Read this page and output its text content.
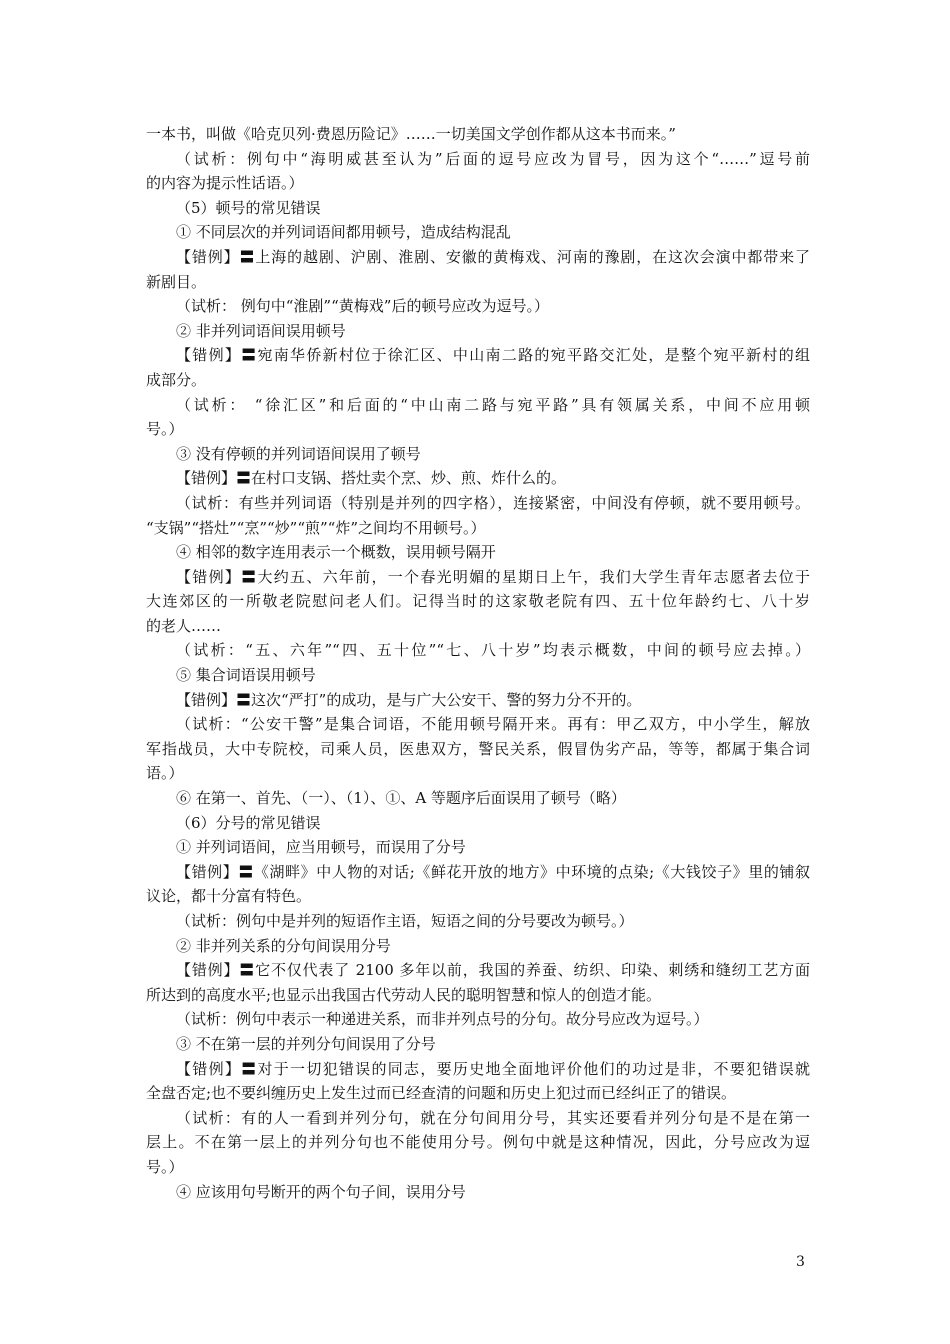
一本书，叫做《哈克贝列·费恩历险记》……一切美国文学创作都从这本书而来。”
（试析：例句中“海明威甚至认为”后面的逗号应改为冒号，因为这个“……”逗号前
的内容为提示性话语。）
（5）顿号的常见错误
① 不同层次的并列词语间都用顿号，造成结构混乱
【错例】〓上海的越剧、沪剧、淮剧、安徽的黄梅戏、河南的豫剧，在这次会演中都带来了
新剧目。
（试析： 例句中“淮剧”“黄梅戏”后的顿号应改为逗号。）
② 非并列词语间误用顿号
【错例】〓宛南华侨新村位于徐汇区、中山南二路的宛平路交汇处，是整个宛平新村的组
成部分。
（试析： “徐汇区”和后面的“中山南二路与宛平路”具有领属关系，中间不应用顿
号。）
③ 没有停顿的并列词语间误用了顿号
【错例】〓在村口支锅、搭灶卖个烹、炒、煎、炸什么的。
（试析：有些并列词语（特别是并列的四字格），连接紧密，中间没有停顿，就不要用顿号。
“支锅”“搭灶”“烹”“炒”“煎”“炸”之间均不用顿号。）
④ 相邻的数字连用表示一个概数，误用顿号隔开
【错例】〓大约五、六年前，一个春光明媚的星期日上午，我们大学生青年志愿者去位于
大连郊区的一所敬老院慰问老人们。记得当时的这家敬老院有四、五十位年龄约七、八十岁
的老人……
（试析：“五、六年”“四、五十位”“七、八十岁”均表示概数，中间的顿号应去掉。）
⑤ 集合词语误用顿号
【错例】〓这次“严打”的成功，是与广大公安干、警的努力分不开的。
（试析：“公安干警”是集合词语，不能用顿号隔开来。再有：甲乙双方，中小学生，解放
军指战员，大中专院校，司乘人员，医患双方，警民关系，假冒伪劣产品，等等，都属于集合词
语。）
⑥ 在第一、首先、（一）、（1）、①、A 等题序后面误用了顿号（略）
（6）分号的常见错误
① 并列词语间，应当用顿号，而误用了分号
【错例】〓《湖畔》中人物的对话;《鲜花开放的地方》中环境的点染;《大钱饺子》里的铺叙
议论，都十分富有特色。
（试析：例句中是并列的短语作主语，短语之间的分号要改为顿号。）
② 非并列关系的分句间误用分号
【错例】〓它不仅代表了 2100 多年以前，我国的养蚕、纺织、印染、刺绣和缝纫工艺方面
所达到的高度水平;也显示出我国古代劳动人民的聪明智慧和惊人的创造才能。
（试析：例句中表示一种递进关系，而非并列点号的分句。故分号应改为逗号。）
③ 不在第一层的并列分句间误用了分号
【错例】〓对于一切犯错误的同志，要历史地全面地评价他们的功过是非，不要犯错误就
全盘否定;也不要纠缠历史上发生过而已经查清的问题和历史上犯过而已经纠正了的错误。
（试析：有的人一看到并列分句，就在分句间用分号，其实还要看并列分句是不是在第一
层上。不在第一层上的并列分句也不能使用分号。例句中就是这种情况，因此，分号应改为逗
号。）
④ 应该用句号断开的两个句子间，误用分号
3
